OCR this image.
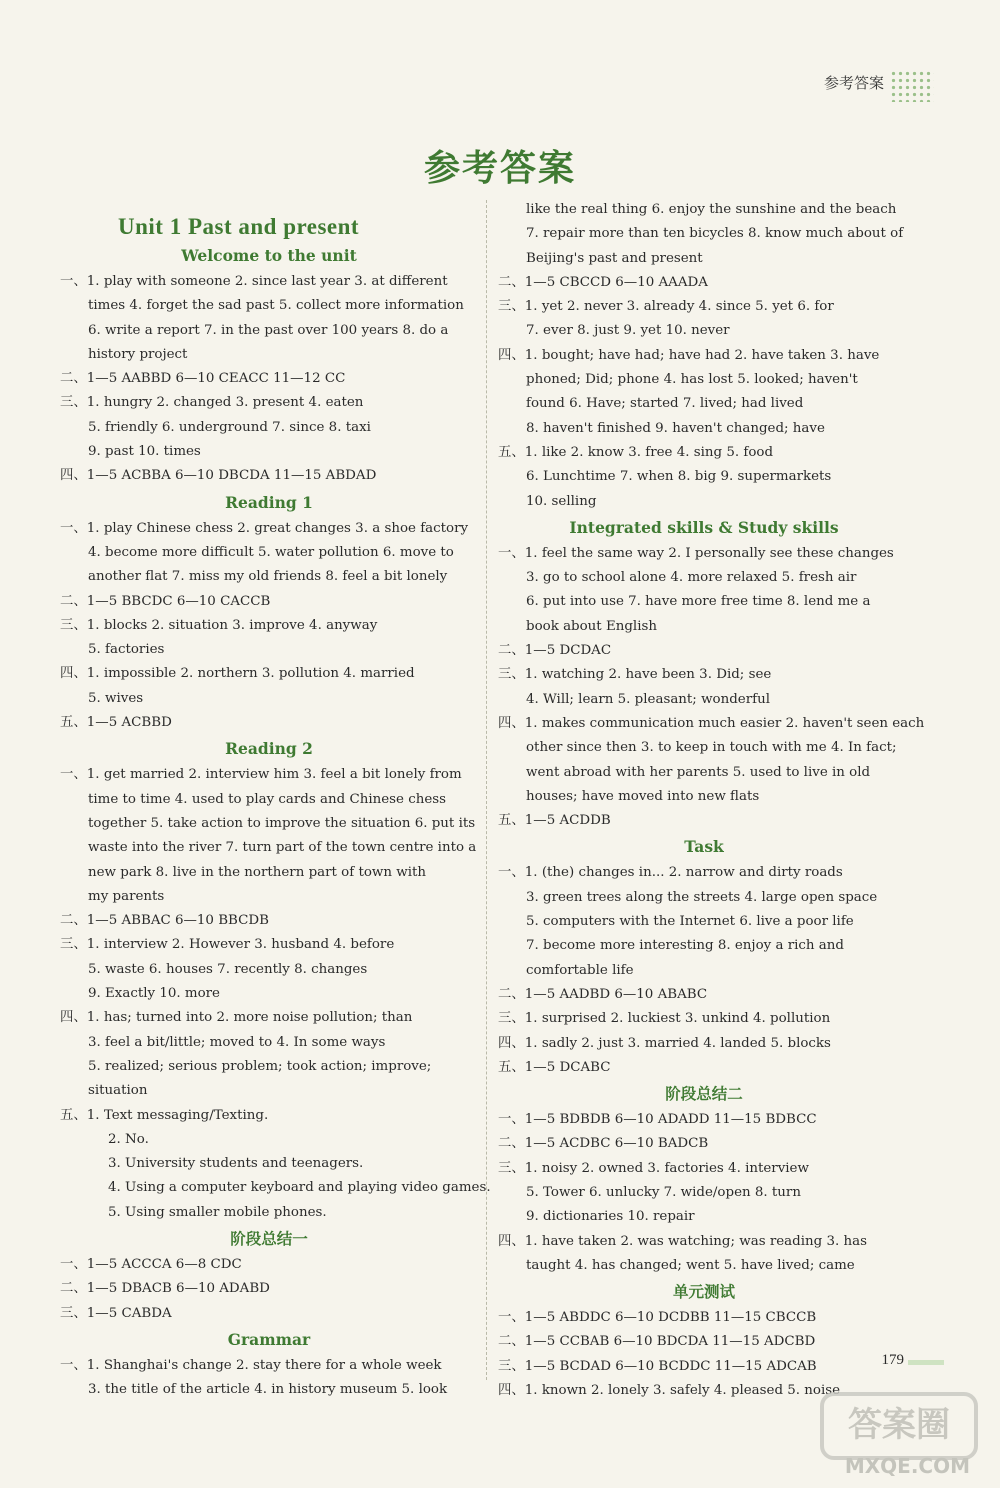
参考答案
参考答案
Unit 1 Past and present
Welcome to the unit
一、1. play with someone 2. since last year 3. at different
times 4. forget the sad past 5. collect more information
6. write a report 7. in the past over 100 years 8. do a
history project
二、1—5 AABBD 6—10 CEACC 11—12 CC
三、1. hungry 2. changed 3. present 4. eaten
5. friendly 6. underground 7. since 8. taxi
9. past 10. times
四、1—5 ACBBA 6—10 DBCDA 11—15 ABDAD
Reading 1
一、1. play Chinese chess 2. great changes 3. a shoe factory
4. become more difficult 5. water pollution 6. move to
another flat 7. miss my old friends 8. feel a bit lonely
二、1—5 BBCDC 6—10 CACCB
三、1. blocks 2. situation 3. improve 4. anyway
5. factories
四、1. impossible 2. northern 3. pollution 4. married
5. wives
五、1—5 ACBBD
Reading 2
一、1. get married 2. interview him 3. feel a bit lonely from
time to time 4. used to play cards and Chinese chess
together 5. take action to improve the situation 6. put its
waste into the river 7. turn part of the town centre into a
new park 8. live in the northern part of town with
my parents
二、1—5 ABBAC 6—10 BBCDB
三、1. interview 2. However 3. husband 4. before
5. waste 6. houses 7. recently 8. changes
9. Exactly 10. more
四、1. has; turned into 2. more noise pollution; than
3. feel a bit/little; moved to 4. In some ways
5. realized; serious problem; took action; improve;
situation
五、1. Text messaging/Texting.
2. No.
3. University students and teenagers.
4. Using a computer keyboard and playing video games.
5. Using smaller mobile phones.
阶段总结一
一、1—5 ACCCA 6—8 CDC
二、1—5 DBACB 6—10 ADABD
三、1—5 CABDA
Grammar
一、1. Shanghai's change 2. stay there for a whole week
3. the title of the article 4. in history museum 5. look
like the real thing 6. enjoy the sunshine and the beach
7. repair more than ten bicycles 8. know much about of
Beijing's past and present
二、1—5 CBCCD 6—10 AAADA
三、1. yet 2. never 3. already 4. since 5. yet 6. for
7. ever 8. just 9. yet 10. never
四、1. bought; have had; have had 2. have taken 3. have
phoned; Did; phone 4. has lost 5. looked; haven't
found 6. Have; started 7. lived; had lived
8. haven't finished 9. haven't changed; have
五、1. like 2. know 3. free 4. sing 5. food
6. Lunchtime 7. when 8. big 9. supermarkets
10. selling
Integrated skills & Study skills
一、1. feel the same way 2. I personally see these changes
3. go to school alone 4. more relaxed 5. fresh air
6. put into use 7. have more free time 8. lend me a
book about English
二、1—5 DCDAC
三、1. watching 2. have been 3. Did; see
4. Will; learn 5. pleasant; wonderful
四、1. makes communication much easier 2. haven't seen each
other since then 3. to keep in touch with me 4. In fact;
went abroad with her parents 5. used to live in old
houses; have moved into new flats
五、1—5 ACDDB
Task
一、1. (the) changes in... 2. narrow and dirty roads
3. green trees along the streets 4. large open space
5. computers with the Internet 6. live a poor life
7. become more interesting 8. enjoy a rich and
comfortable life
二、1—5 AADBD 6—10 ABABC
三、1. surprised 2. luckiest 3. unkind 4. pollution
四、1. sadly 2. just 3. married 4. landed 5. blocks
五、1—5 DCABC
阶段总结二
一、1—5 BDBDB 6—10 ADADD 11—15 BDBCC
二、1—5 ACDBC 6—10 BADCB
三、1. noisy 2. owned 3. factories 4. interview
5. Tower 6. unlucky 7. wide/open 8. turn
9. dictionaries 10. repair
四、1. have taken 2. was watching; was reading 3. has
taught 4. has changed; went 5. have lived; came
单元测试
一、1—5 ABDDC 6—10 DCDBB 11—15 CBCCB
二、1—5 CCBAB 6—10 BDCDA 11—15 ADCBD
三、1—5 BCDAD 6—10 BCDDC 11—15 ADCAB
四、1. known 2. lonely 3. safely 4. pleased 5. noise
179
答案圈
MXQE.COM
